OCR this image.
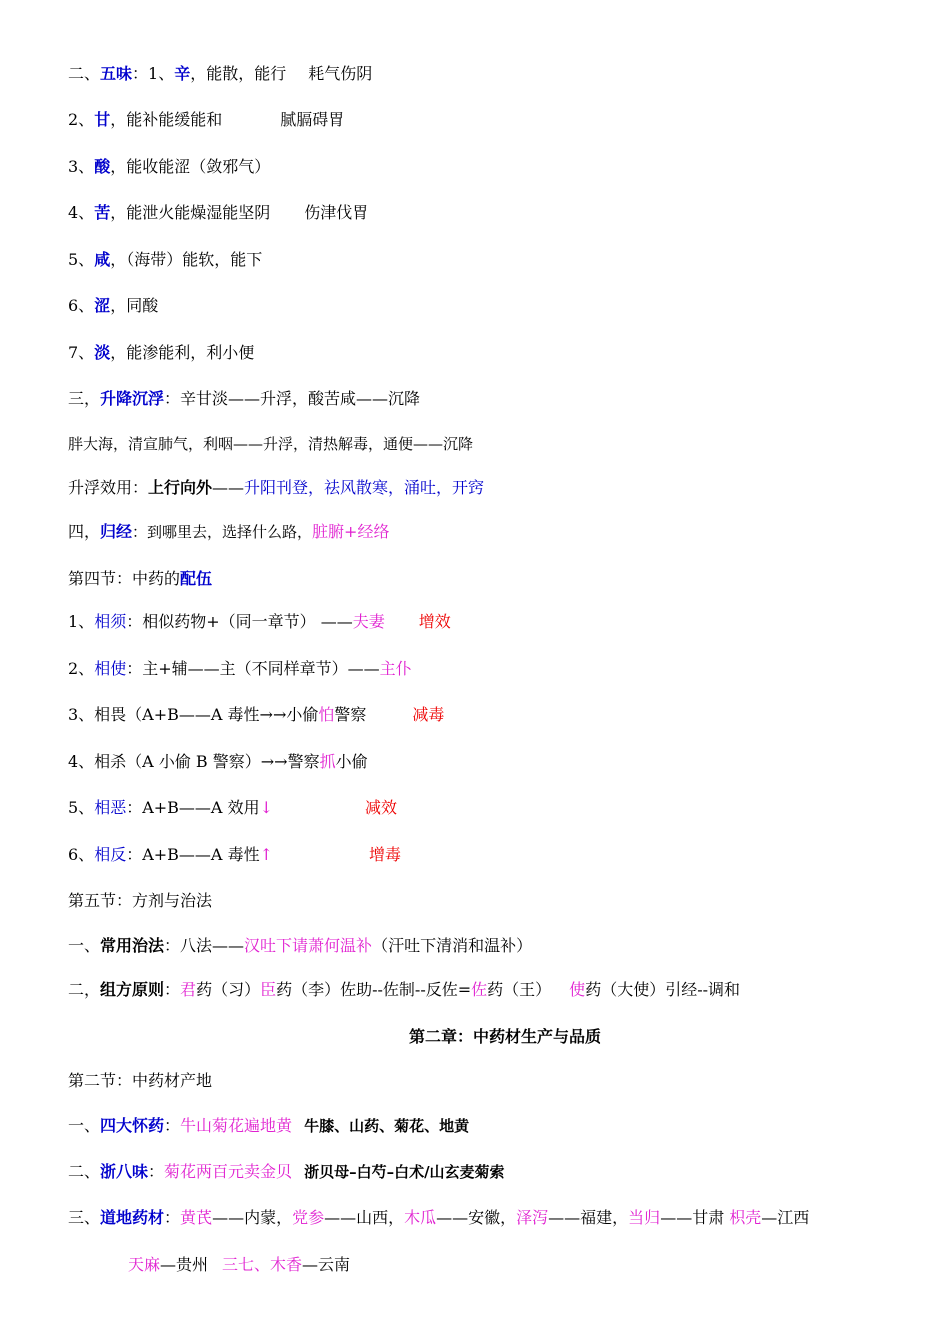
二、五味：1、辛，能散，能行 耗气伤阴
2、甘，能补能缓能和	腻膈碍胃
3、酸，能收能涩（敛邪气）
4、苦，能泄火能燥湿能坚阴 伤津伐胃
5、咸，（海带）能软，能下
6、涩，同酸
7、淡，能渗能利，利小便
三，升降沉浮：辛甘淡——升浮，酸苦咸——沉降
胖大海，清宣肺气，利咽——升浮，清热解毒，通便——沉降
升浮效用：上行向外——升阳刊登，祛风散寒，涌吐，开窍
四，归经：到哪里去，选择什么路，脏腑+经络
第四节：中药的配伍
1、相须：相似药物+（同一章节） ——夫妻 增效
2、相使：主+辅——主（不同样章节）——主仆
3、相畏（A+B——A 毒性→→小偷怕警察	减毒
4、相杀（A 小偷 B 警察）→→警察抓小偷
5、相恶：A+B——A 效用↓	减效
6、相反：A+B——A 毒性↑	增毒
第五节：方剂与治法
一、常用治法：八法——汉吐下请萧何温补（汗吐下清消和温补）
二，组方原则：君药（习）臣药（李）佐助--佐制--反佐=佐药（王） 使药（大使）引经--调和
第二章：中药材生产与品质
第二节：中药材产地
一、四大怀药：牛山菊花遍地黄 牛膝、山药、菊花、地黄
二、浙八味：菊花两百元卖金贝 浙贝母–白芍–白术/山玄麦菊索
三、道地药材：黄芪——内蒙，党参——山西，木瓜——安徽，泽泻——福建，当归——甘肃 枳壳—江西
天麻—贵州 三七、木香—云南
